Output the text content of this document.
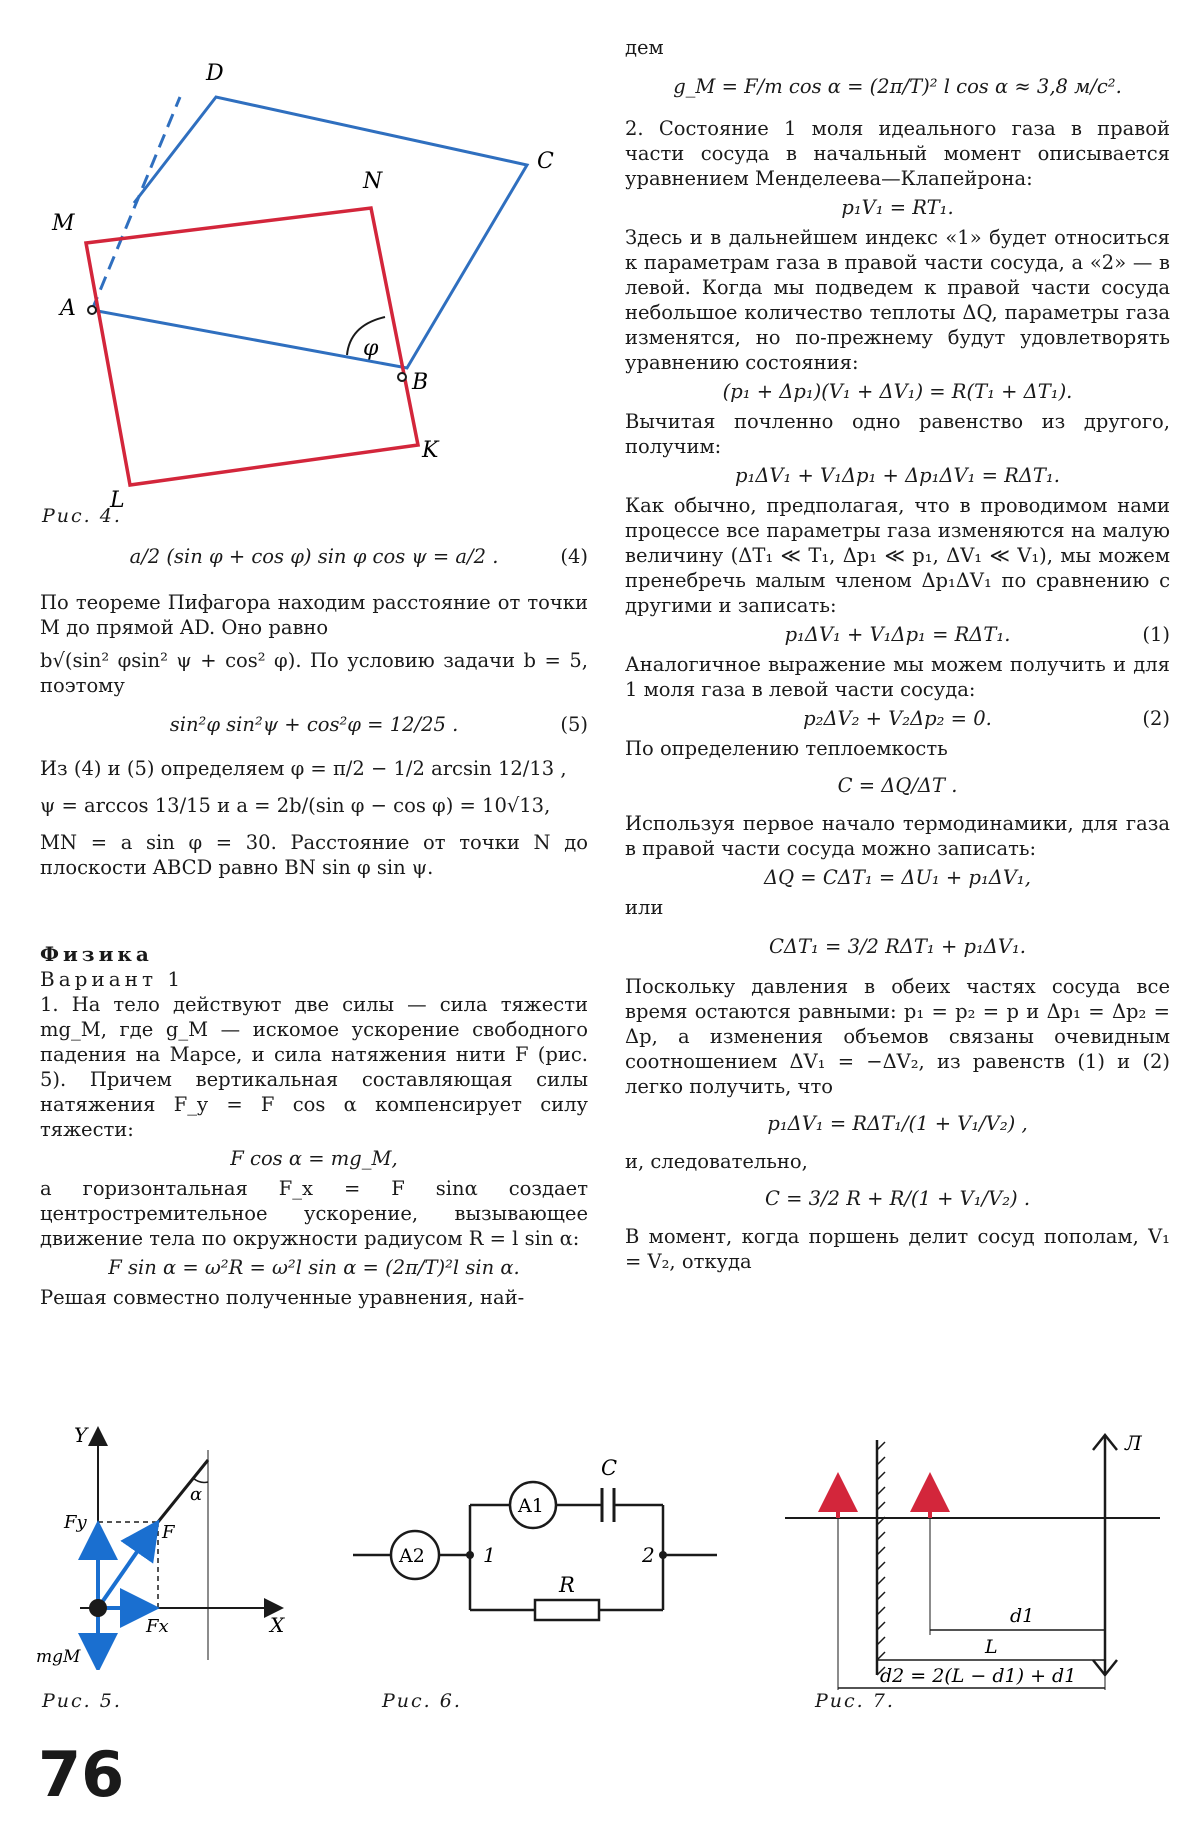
D
C
N
M
A
B
K
L
φ
Рис. 4.
a/2 (sin φ + cos φ) sin φ cos ψ = a/2 .	(4)

По теореме Пифагора находим расстояние от точки M до прямой AD. Оно равно

b√(sin² φsin² ψ + cos² φ). По условию задачи b = 5, поэтому

sin²φ sin²ψ + cos²φ = 12/25 .	(5)

Из (4) и (5) определяем φ = π/2 − 1/2 arcsin 12/13 ,

ψ = arccos 13/15 и a = 2b/(sin φ − cos φ) = 10√13,

MN = a sin φ = 30. Расстояние от точки N до плоскости ABCD равно BN sin φ sin ψ.

Физика
Вариант 1

1. На тело действуют две силы — сила тяжести mg_M, где g_M — искомое ускорение свободного падения на Марсе, и сила натяжения нити F (рис. 5). Причем вертикальная составляющая силы натяжения F_y = F cos α компенсирует силу тяжести:

F cos α = mg_M,

а горизонтальная F_x = F sinα создает центростремительное ускорение, вызывающее движение тела по окружности радиусом R = l sin α:

F sin α = ω²R = ω²l sin α = (2π/T)²l sin α.

Решая совместно полученные уравнения, най-

дем

g_M = F/m cos α = (2π/T)² l cos α ≈ 3,8 м/с².

2. Состояние 1 моля идеального газа в правой части сосуда в начальный момент описывается уравнением Менделеева—Клапейрона:

p₁V₁ = RT₁.

Здесь и в дальнейшем индекс «1» будет относиться к параметрам газа в правой части сосуда, а «2» — в левой. Когда мы подведем к правой части сосуда небольшое количество теплоты ΔQ, параметры газа изменятся, но по-прежнему будут удовлетворять уравнению состояния:

(p₁ + Δp₁)(V₁ + ΔV₁) = R(T₁ + ΔT₁).

Вычитая почленно одно равенство из другого, получим:

p₁ΔV₁ + V₁Δp₁ + Δp₁ΔV₁ = RΔT₁.

Как обычно, предполагая, что в проводимом нами процессе все параметры газа изменяются на малую величину (ΔT₁ ≪ T₁, Δp₁ ≪ p₁, ΔV₁ ≪ V₁), мы можем пренебречь малым членом Δp₁ΔV₁ по сравнению с другими и записать:

p₁ΔV₁ + V₁Δp₁ = RΔT₁.	(1)

Аналогичное выражение мы можем получить и для 1 моля газа в левой части сосуда:

p₂ΔV₂ + V₂Δp₂ = 0.	(2)

По определению теплоемкость

C = ΔQ/ΔT .

Используя первое начало термодинамики, для газа в правой части сосуда можно записать:

ΔQ = CΔT₁ = ΔU₁ + p₁ΔV₁,

или

CΔT₁ = 3/2 RΔT₁ + p₁ΔV₁.

Поскольку давления в обеих частях сосуда все время остаются равными: p₁ = p₂ = p и Δp₁ = Δp₂ = Δp, а изменения объемов связаны очевидным соотношением ΔV₁ = −ΔV₂, из равенств (1) и (2) легко получить, что

p₁ΔV₁ = RΔT₁/(1 + V₁/V₂) ,

и, следовательно,

C = 3/2 R + R/(1 + V₁/V₂) .

В момент, когда поршень делит сосуд пополам, V₁ = V₂, откуда

Y
X
Fy	F
Fx
α
mgM
Рис. 5.
A2
A1
C
R
1	2
Рис. 6.
Л
d1
L
d2 = 2(L − d1) + d1
Рис. 7.
76
